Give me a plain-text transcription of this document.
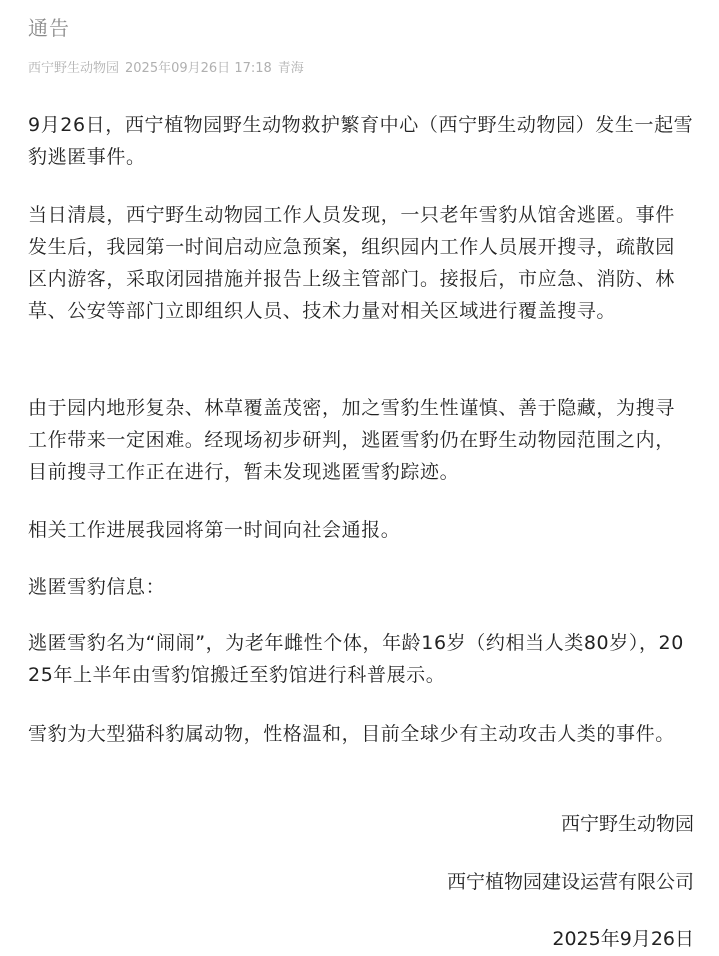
通告
西宁野生动物园 2025年09月26日 17:18 青海
9月26日，西宁植物园野生动物救护繁育中心（西宁野生动物园）发生一起雪豹逃匿事件。
当日清晨，西宁野生动物园工作人员发现，一只老年雪豹从馆舍逃匿。事件发生后，我园第一时间启动应急预案，组织园内工作人员展开搜寻，疏散园区内游客，采取闭园措施并报告上级主管部门。接报后，市应急、消防、林草、公安等部门立即组织人员、技术力量对相关区域进行覆盖搜寻。
由于园内地形复杂、林草覆盖茂密，加之雪豹生性谨慎、善于隐藏，为搜寻工作带来一定困难。经现场初步研判，逃匿雪豹仍在野生动物园范围之内，目前搜寻工作正在进行，暂未发现逃匿雪豹踪迹。
相关工作进展我园将第一时间向社会通报。
逃匿雪豹信息：
逃匿雪豹名为“闹闹”，为老年雌性个体，年龄16岁（约相当人类80岁），2025年上半年由雪豹馆搬迁至豹馆进行科普展示。
雪豹为大型猫科豹属动物，性格温和，目前全球少有主动攻击人类的事件。
西宁野生动物园
西宁植物园建设运营有限公司
2025年9月26日
